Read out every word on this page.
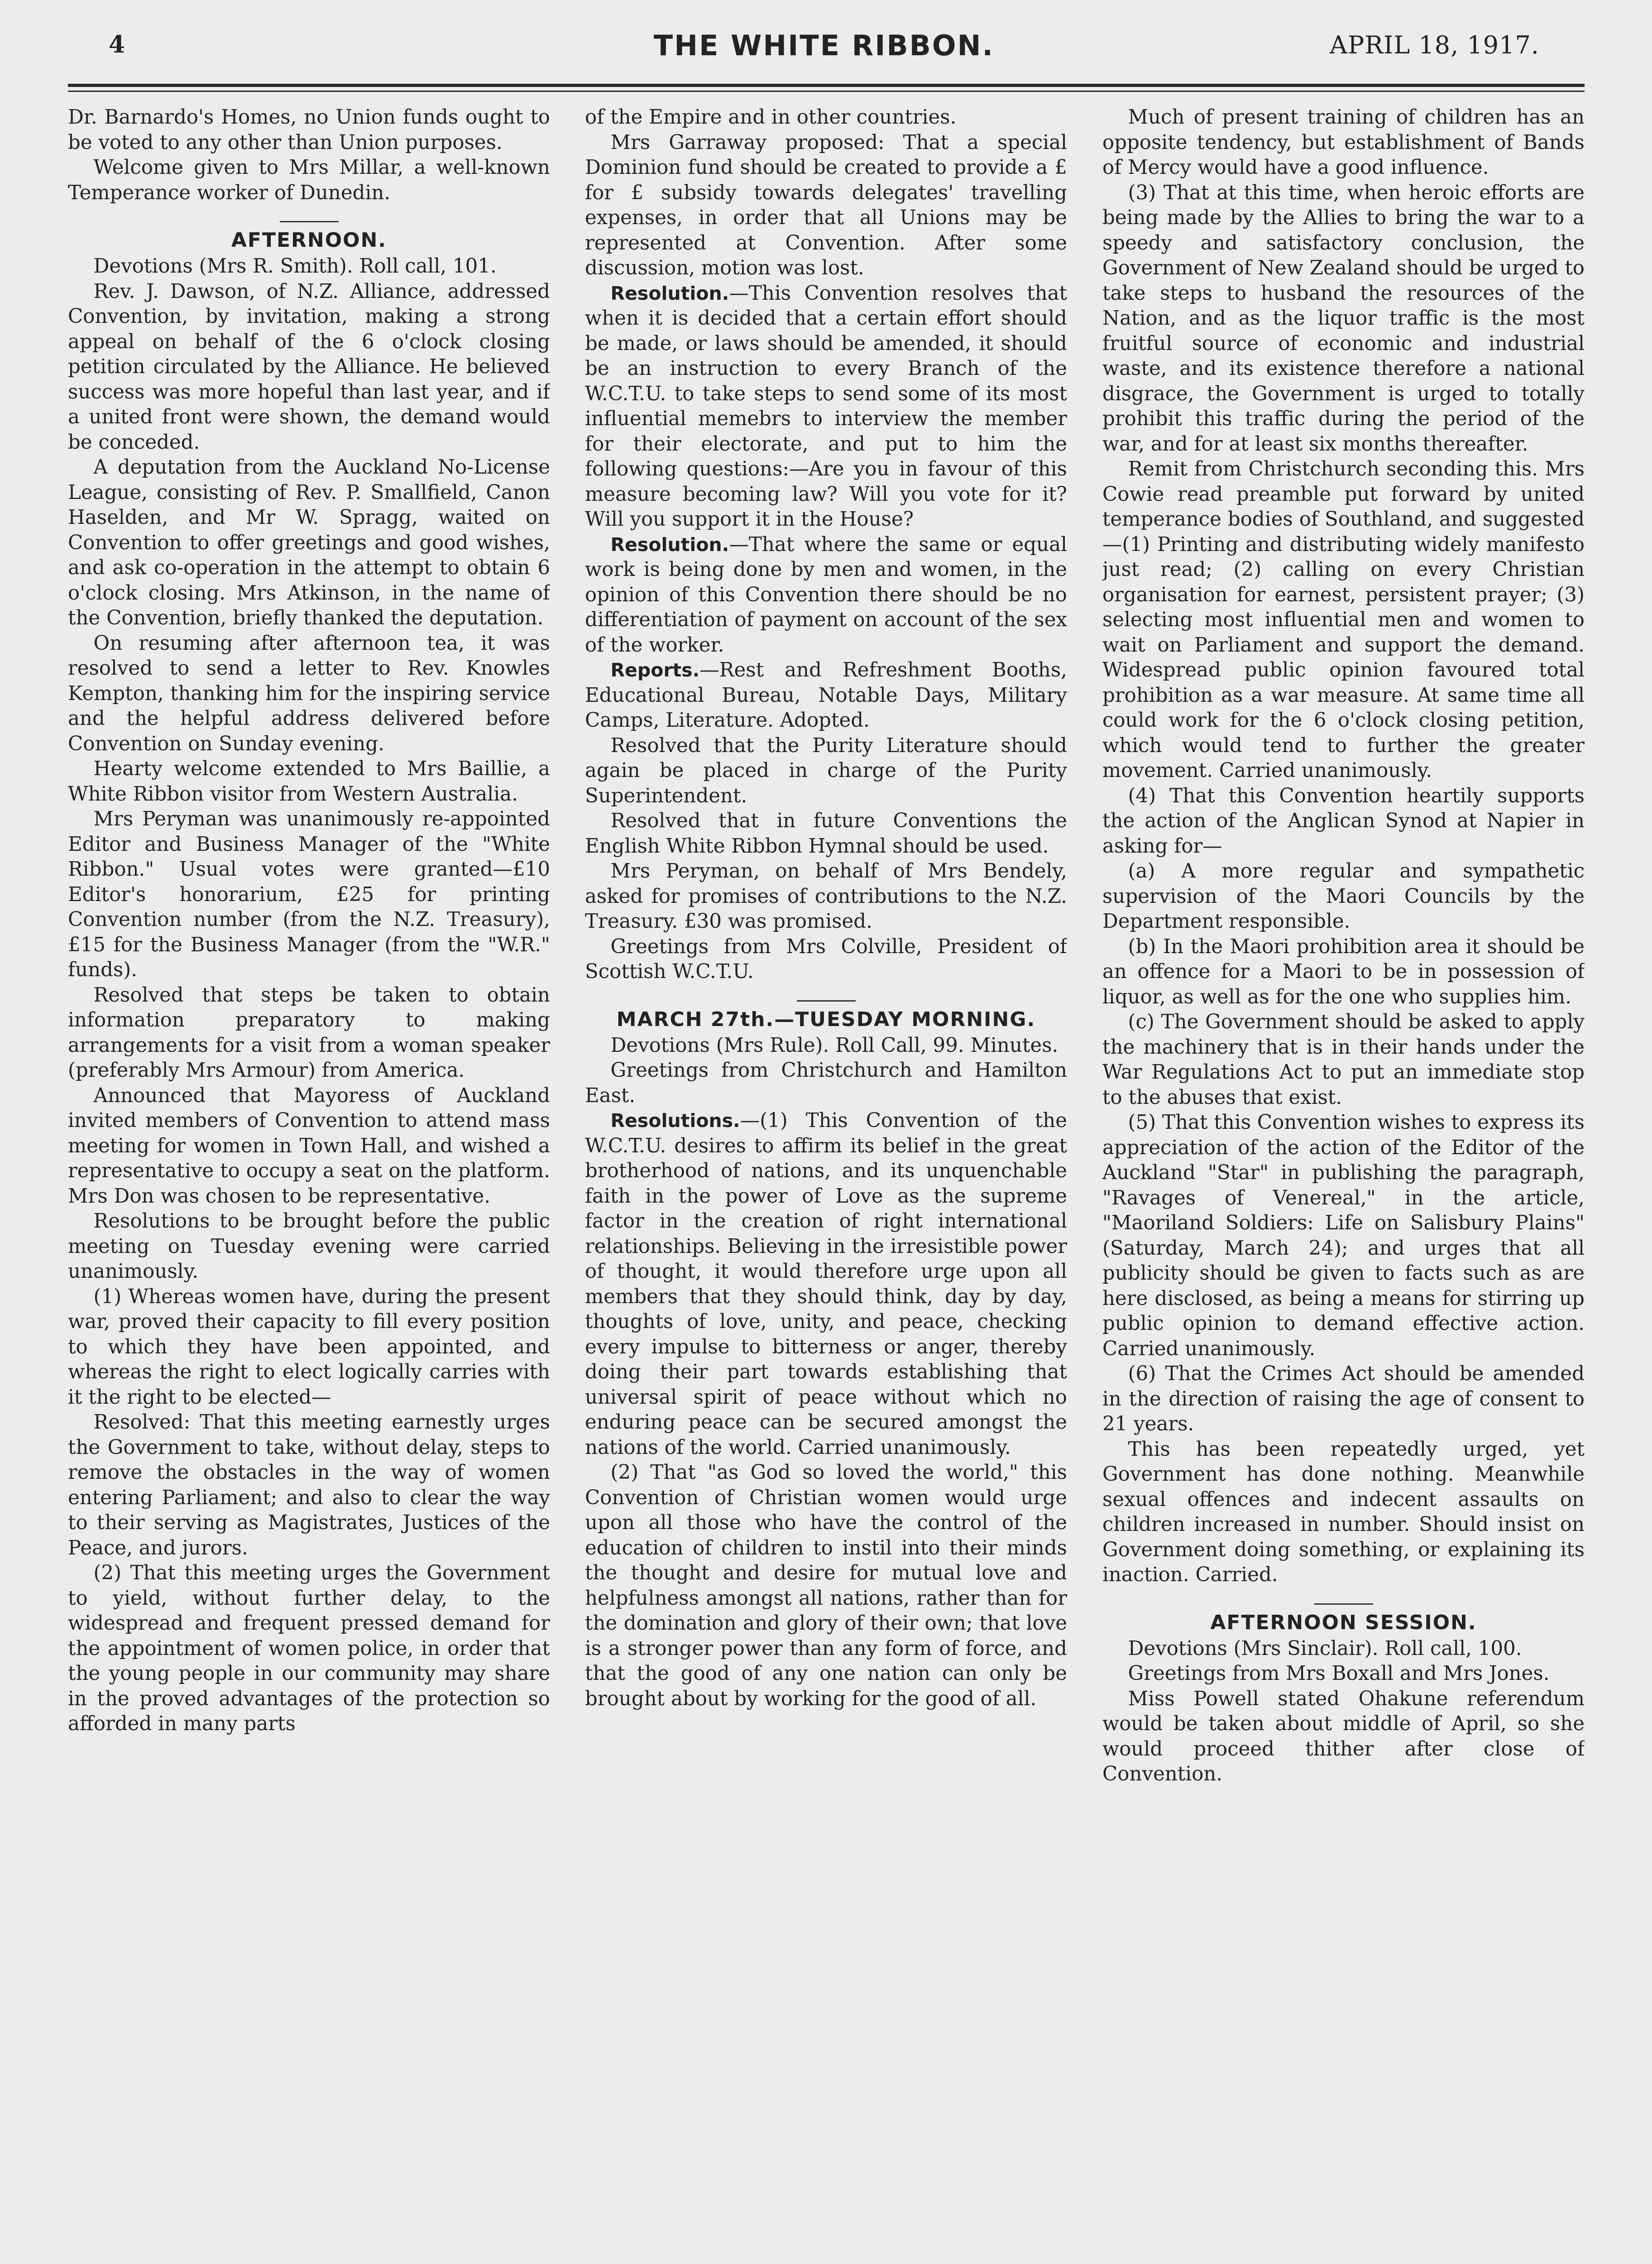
4	THE WHITE RIBBON.	APRIL 18, 1917.

Dr. Barnardo's Homes, no Union funds ought to be voted to any other than Union purposes.

Welcome given to Mrs Millar, a well-known Temperance worker of Dunedin.

AFTERNOON.

Devotions (Mrs R. Smith). Roll call, 101.

Rev. J. Dawson, of N.Z. Alliance, addressed Convention, by invitation, making a strong appeal on behalf of the 6 o'clock closing petition circulated by the Alliance. He believed success was more hopeful than last year, and if a united front were shown, the demand would be conceded.

A deputation from the Auckland No-License League, consisting of Rev. P. Smallfield, Canon Haselden, and Mr W. Spragg, waited on Convention to offer greetings and good wishes, and ask co-operation in the attempt to obtain 6 o'clock closing. Mrs Atkinson, in the name of the Convention, briefly thanked the deputation.

On resuming after afternoon tea, it was resolved to send a letter to Rev. Knowles Kempton, thanking him for the inspiring service and the helpful address delivered before Convention on Sunday evening.

Hearty welcome extended to Mrs Baillie, a White Ribbon visitor from Western Australia.

Mrs Peryman was unanimously re-appointed Editor and Business Manager of the "White Ribbon." Usual votes were granted—£10 Editor's honorarium, £25 for printing Convention number (from the N.Z. Treasury), £15 for the Business Manager (from the "W.R." funds).

Resolved that steps be taken to obtain information preparatory to making arrangements for a visit from a woman speaker (preferably Mrs Armour) from America.

Announced that Mayoress of Auckland invited members of Convention to attend mass meeting for women in Town Hall, and wished a representative to occupy a seat on the platform. Mrs Don was chosen to be representative.

Resolutions to be brought before the public meeting on Tuesday evening were carried unanimously.

(1) Whereas women have, during the present war, proved their capacity to fill every position to which they have been appointed, and whereas the right to elect logically carries with it the right to be elected—

Resolved: That this meeting earnestly urges the Government to take, without delay, steps to remove the obstacles in the way of women entering Parliament; and also to clear the way to their serving as Magistrates, Justices of the Peace, and jurors.

(2) That this meeting urges the Government to yield, without further delay, to the widespread and frequent pressed demand for the appointment of women police, in order that the young people in our community may share in the proved advantages of the protection so afforded in many parts

of the Empire and in other countries.

Mrs Garraway proposed: That a special Dominion fund should be created to provide a £ for £ subsidy towards delegates' travelling expenses, in order that all Unions may be represented at Convention. After some discussion, motion was lost.

Resolution.—This Convention resolves that when it is decided that a certain effort should be made, or laws should be amended, it should be an instruction to every Branch of the W.C.T.U. to take steps to send some of its most influential memebrs to interview the member for their electorate, and put to him the following questions:—Are you in favour of this measure becoming law? Will you vote for it? Will you support it in the House?

Resolution.—That where the same or equal work is being done by men and women, in the opinion of this Convention there should be no differentiation of payment on account of the sex of the worker.

Reports.—Rest and Refreshment Booths, Educational Bureau, Notable Days, Military Camps, Literature. Adopted.

Resolved that the Purity Literature should again be placed in charge of the Purity Superintendent.

Resolved that in future Conventions the English White Ribbon Hymnal should be used.

Mrs Peryman, on behalf of Mrs Bendely, asked for promises of contributions to the N.Z. Treasury. £30 was promised.

Greetings from Mrs Colville, President of Scottish W.C.T.U.

MARCH 27th.—TUESDAY MORNING.

Devotions (Mrs Rule). Roll Call, 99. Minutes.

Greetings from Christchurch and Hamilton East.

Resolutions.—(1) This Convention of the W.C.T.U. desires to affirm its belief in the great brotherhood of nations, and its unquenchable faith in the power of Love as the supreme factor in the creation of right international relationships. Believing in the irresistible power of thought, it would therefore urge upon all members that they should think, day by day, thoughts of love, unity, and peace, checking every impulse to bitterness or anger, thereby doing their part towards establishing that universal spirit of peace without which no enduring peace can be secured amongst the nations of the world. Carried unanimously.

(2) That "as God so loved the world," this Convention of Christian women would urge upon all those who have the control of the education of children to instil into their minds the thought and desire for mutual love and helpfulness amongst all nations, rather than for the domination and glory of their own; that love is a stronger power than any form of force, and that the good of any one nation can only be brought about by working for the good of all.

Much of present training of children has an opposite tendency, but establishment of Bands of Mercy would have a good influence.

(3) That at this time, when heroic efforts are being made by the Allies to bring the war to a speedy and satisfactory conclusion, the Government of New Zealand should be urged to take steps to husband the resources of the Nation, and as the liquor traffic is the most fruitful source of economic and industrial waste, and its existence therefore a national disgrace, the Government is urged to totally prohibit this traffic during the period of the war, and for at least six months thereafter.

Remit from Christchurch seconding this. Mrs Cowie read preamble put forward by united temperance bodies of Southland, and suggested—(1) Printing and distributing widely manifesto just read; (2) calling on every Christian organisation for earnest, persistent prayer; (3) selecting most influential men and women to wait on Parliament and support the demand. Widespread public opinion favoured total prohibition as a war measure. At same time all could work for the 6 o'clock closing petition, which would tend to further the greater movement. Carried unanimously.

(4) That this Convention heartily supports the action of the Anglican Synod at Napier in asking for—

(a) A more regular and sympathetic supervision of the Maori Councils by the Department responsible.

(b) In the Maori prohibition area it should be an offence for a Maori to be in possession of liquor, as well as for the one who supplies him.

(c) The Government should be asked to apply the machinery that is in their hands under the War Regulations Act to put an immediate stop to the abuses that exist.

(5) That this Convention wishes to express its appreciation of the action of the Editor of the Auckland "Star" in publishing the paragraph, "Ravages of Venereal," in the article, "Maoriland Soldiers: Life on Salisbury Plains" (Saturday, March 24); and urges that all publicity should be given to facts such as are here disclosed, as being a means for stirring up public opinion to demand effective action. Carried unanimously.

(6) That the Crimes Act should be amended in the direction of raising the age of consent to 21 years.

This has been repeatedly urged, yet Government has done nothing. Meanwhile sexual offences and indecent assaults on children increased in number. Should insist on Government doing something, or explaining its inaction. Carried.

AFTERNOON SESSION.

Devotions (Mrs Sinclair). Roll call, 100.

Greetings from Mrs Boxall and Mrs Jones.

Miss Powell stated Ohakune referendum would be taken about middle of April, so she would proceed thither after close of Convention.
